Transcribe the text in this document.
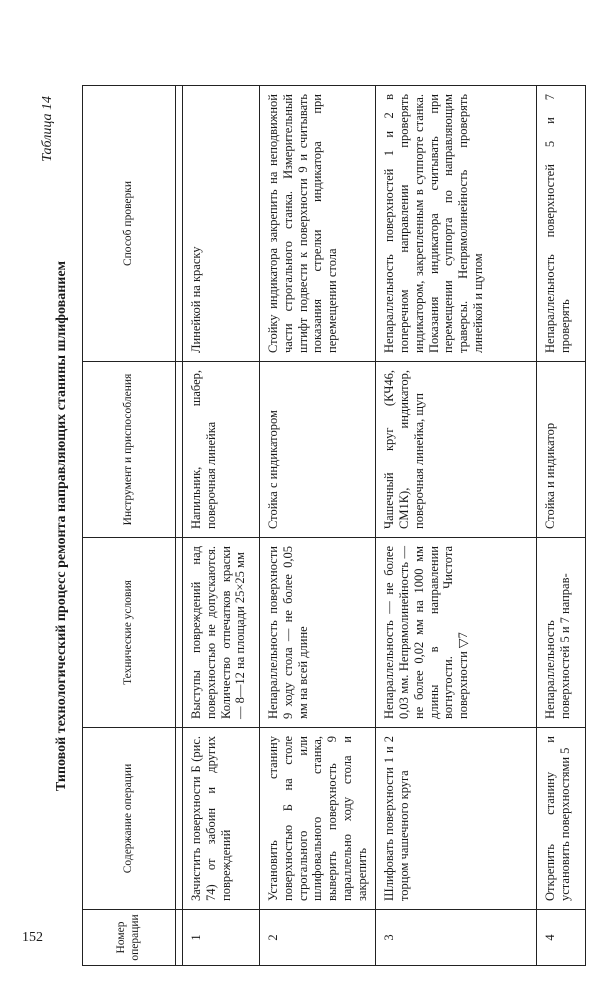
152
Таблица 14
Типовой технологический процесс ремонта направляющих станины шлифованием
Номер операции	Содержание операции	Технические условия	Инструмент и приспособления	Способ проверки

1	Зачистить поверхности Б (рис. 74) от забоин и других повреждений	Выступы повреждений над поверхностью не допускаются. Количество отпечатков краски — 8—12 на площади 25×25 мм	Напильник, шабер, поверочная линейка	Линейкой на краску
2	Установить станину поверхностью Б на столе строгального или шлифовального станка, выверить поверхность 9 параллельно ходу стола и закрепить	Непараллельность поверхности 9 ходу стола — не более 0,05 мм на всей длине	Стойка с индикатором	Стойку индикатора закрепить на неподвижной части строгального станка. Измерительный штифт подвести к поверхности 9 и считывать показания стрелки индикатора при перемещении стола
3	Шлифовать поверхности 1 и 2 торцом чашечного круга	Непараллельность — не более 0,03 мм. Непрямолинейность — не более 0,02 мм на 1000 мм длины в направлении вогнутости. Чистота поверхности ▽7	Чашечный круг (КЧ46, СМ1К), индикатор, поверочная линейка, щуп	Непараллельность поверхностей 1 и 2 в поперечном направлении проверять индикатором, закрепленным в суппорте станка. Показания индикатора считывать при перемещении суппорта по направляющим траверсы. Непрямолинейность проверять линейкой и щупом
4	Открепить станину и установить поверхностями 5	Непараллельность поверхностей 5 и 7 направ-	Стойка и индикатор	Непараллельность поверхностей 5 и 7 проверять
